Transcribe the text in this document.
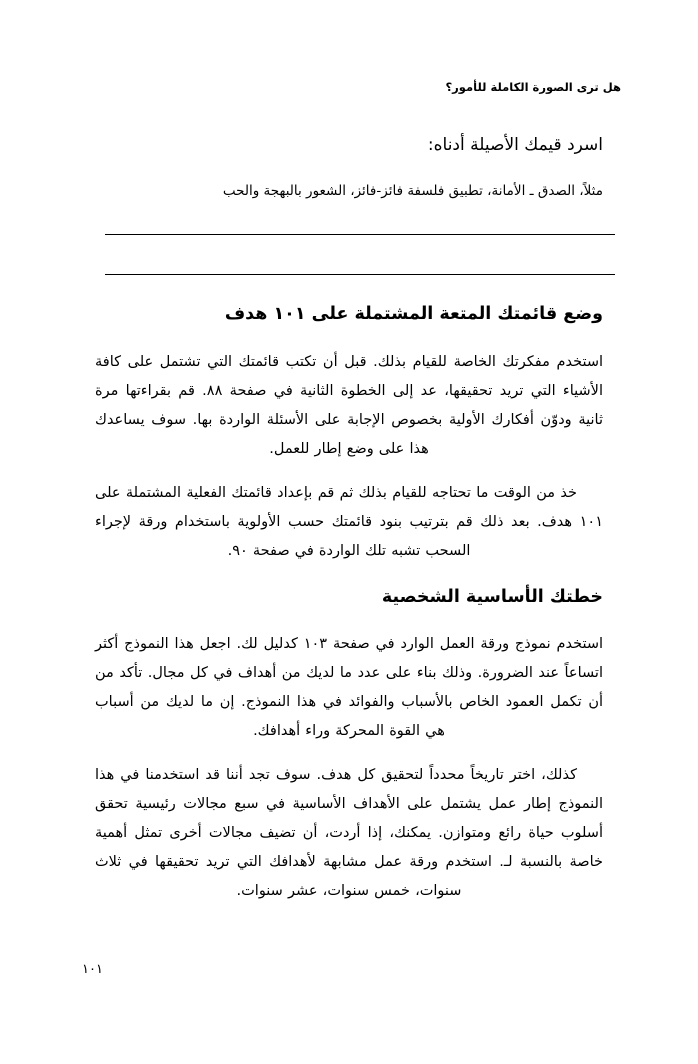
هل ترى الصورة الكاملة للأمور؟
اسرد قيمك الأصيلة أدناه:
مثلاً، الصدق ـ الأمانة، تطبيق فلسفة فائز-فائز، الشعور بالبهجة والحب
وضع قائمتك المتعة المشتملة على ١٠١ هدف
استخدم مفكرتك الخاصة للقيام بذلك. قبل أن تكتب قائمتك التي تشتمل على كافة الأشياء التي تريد تحقيقها، عد إلى الخطوة الثانية في صفحة ٨٨. قم بقراءتها مرة ثانية ودوّن أفكارك الأولية بخصوص الإجابة على الأسئلة الواردة بها. سوف يساعدك هذا على وضع إطار للعمل.
خذ من الوقت ما تحتاجه للقيام بذلك ثم قم بإعداد قائمتك الفعلية المشتملة على ١٠١ هدف. بعد ذلك قم بترتيب بنود قائمتك حسب الأولوية باستخدام ورقة لإجراء السحب تشبه تلك الواردة في صفحة ٩٠.
خطتك الأساسية الشخصية
استخدم نموذج ورقة العمل الوارد في صفحة ١٠٣ كدليل لك. اجعل هذا النموذج أكثر اتساعاً عند الضرورة. وذلك بناء على عدد ما لديك من أهداف في كل مجال. تأكد من أن تكمل العمود الخاص بالأسباب والفوائد في هذا النموذج. إن ما لديك من أسباب هي القوة المحركة وراء أهدافك.
كذلك، اختر تاريخاً محدداً لتحقيق كل هدف. سوف تجد أننا قد استخدمنا في هذا النموذج إطار عمل يشتمل على الأهداف الأساسية في سبع مجالات رئيسية تحقق أسلوب حياة رائع ومتوازن. يمكنك، إذا أردت، أن تضيف مجالات أخرى تمثل أهمية خاصة بالنسبة لـ. استخدم ورقة عمل مشابهة لأهدافك التي تريد تحقيقها في ثلاث سنوات، خمس سنوات، عشر سنوات.
١٠١
